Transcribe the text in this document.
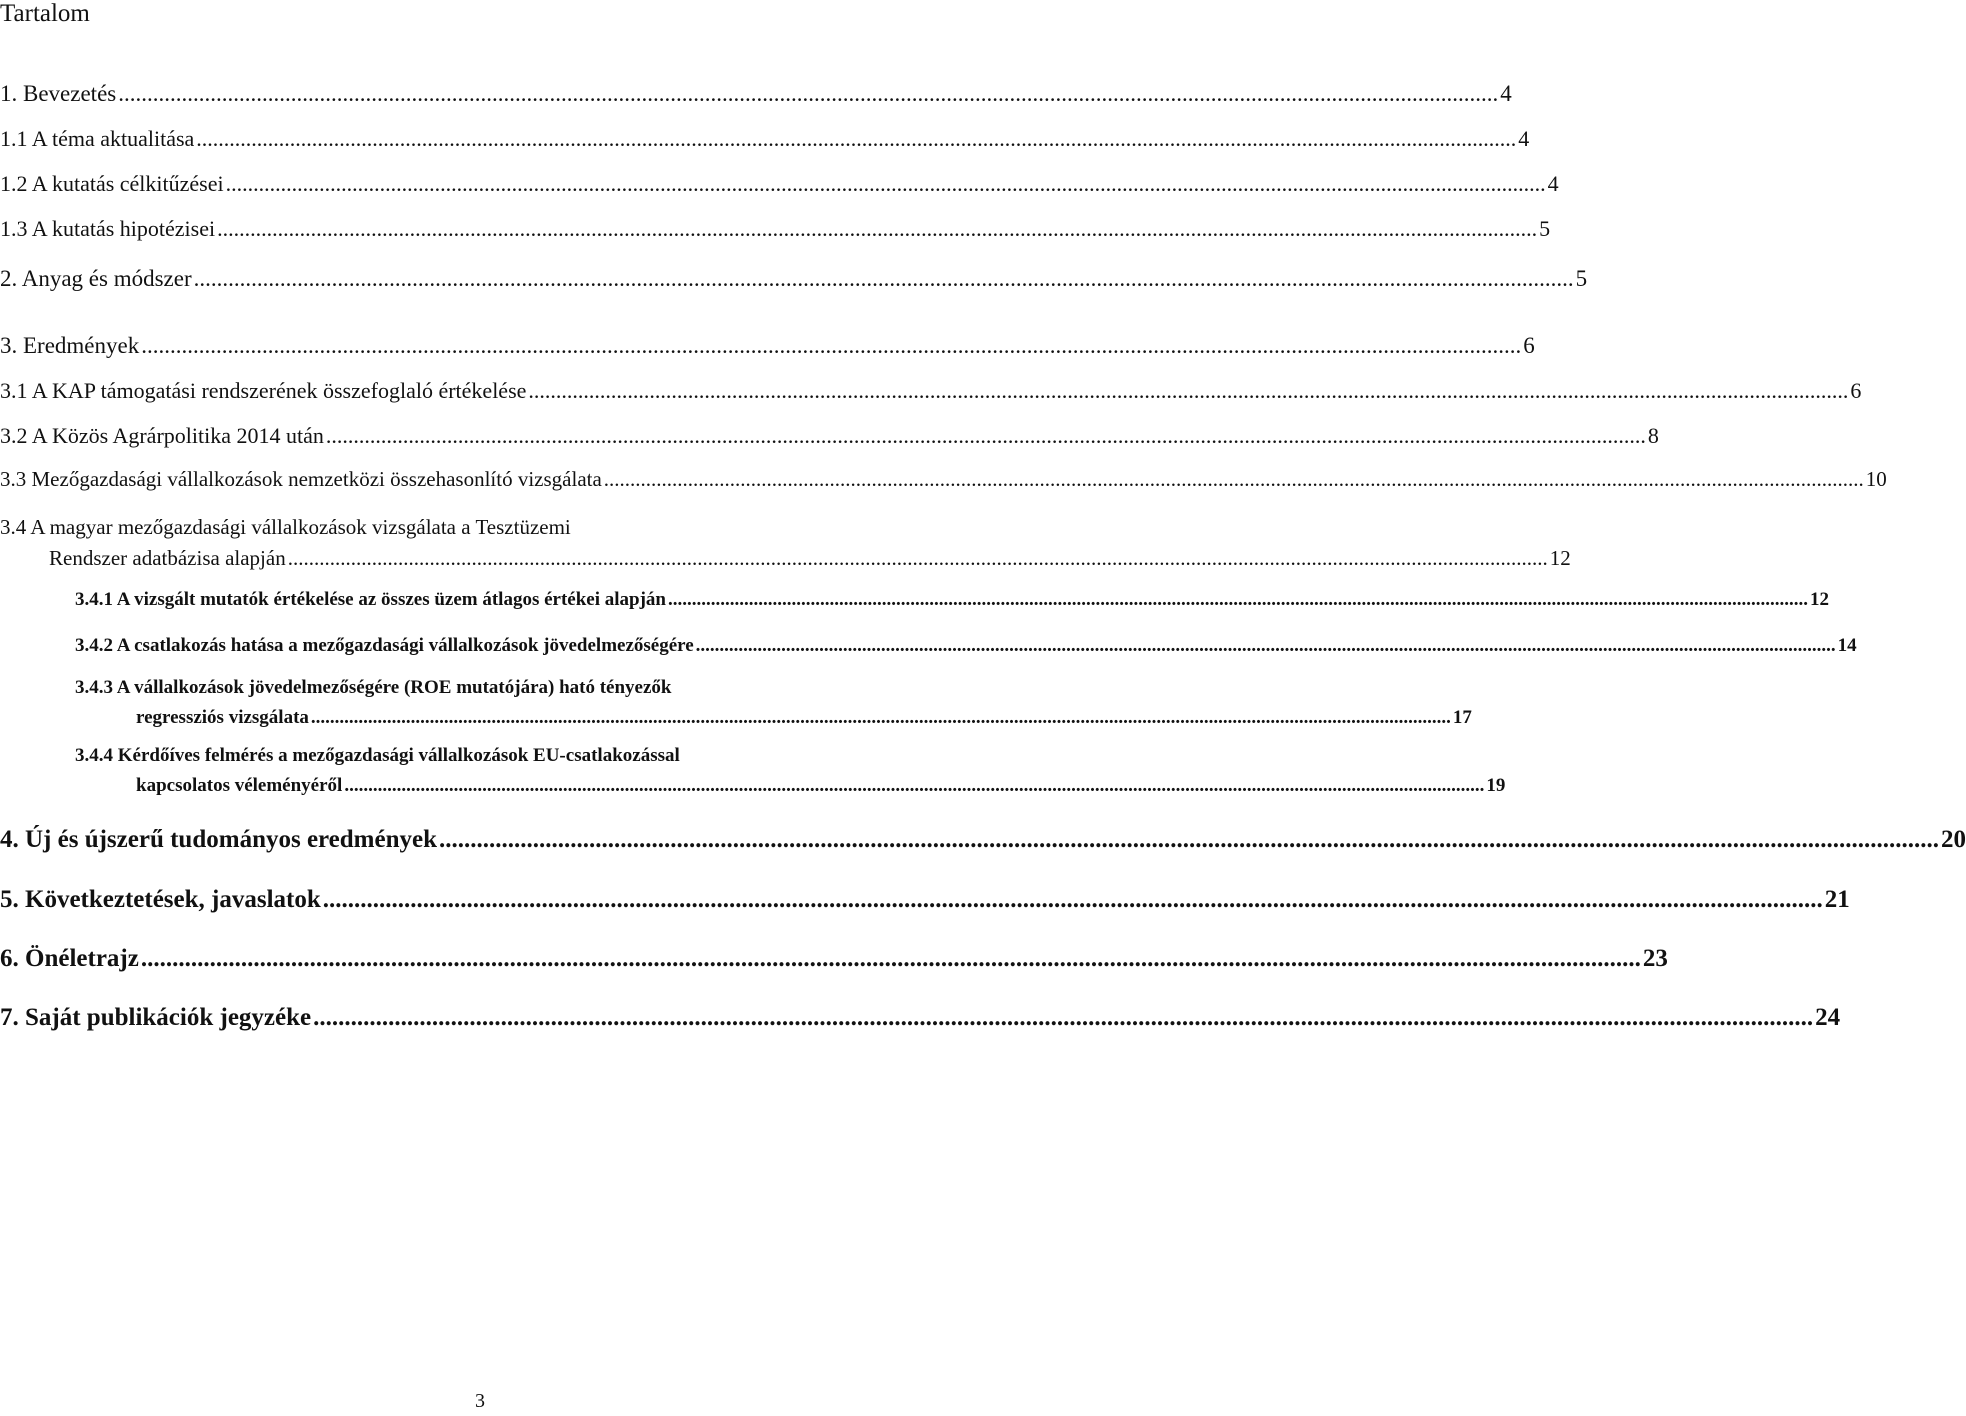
Tartalom
1. Bevezetés ................................................................................................................................................................................................................................................ 4
1.1 A téma aktualitása ................................................................................................................................................................................................................................................ 4
1.2 A kutatás célkitűzései ................................................................................................................................................................................................................................................ 4
1.3 A kutatás hipotézisei ................................................................................................................................................................................................................................................ 5
2. Anyag és módszer ................................................................................................................................................................................................................................................ 5
3. Eredmények ................................................................................................................................................................................................................................................ 6
3.1 A KAP támogatási rendszerének összefoglaló értékelése ................................................................................................................................................................................................................................................ 6
3.2 A Közös Agrárpolitika 2014 után ................................................................................................................................................................................................................................................ 8
3.3 Mezőgazdasági vállalkozások nemzetközi összehasonlító vizsgálata ................................................................................................................................................................................................................................................ 10
3.4 A magyar mezőgazdasági vállalkozások vizsgálata a Tesztüzemi
Rendszer adatbázisa alapján ................................................................................................................................................................................................................................................ 12
3.4.1 A vizsgált mutatók értékelése az összes üzem átlagos értékei alapján ................................................................................................................................................................................................................................................ 12
3.4.2 A csatlakozás hatása a mezőgazdasági vállalkozások jövedelmezőségére ................................................................................................................................................................................................................................................ 14
3.4.3 A vállalkozások jövedelmezőségére (ROE mutatójára) ható tényezők
regressziós vizsgálata ................................................................................................................................................................................................................................................ 17
3.4.4 Kérdőíves felmérés a mezőgazdasági vállalkozások EU-csatlakozással
kapcsolatos véleményéről ................................................................................................................................................................................................................................................ 19
4. Új és újszerű tudományos eredmények ................................................................................................................................................................................................................................................ 20
5. Következtetések, javaslatok ................................................................................................................................................................................................................................................ 21
6. Önéletrajz ................................................................................................................................................................................................................................................ 23
7. Saját publikációk jegyzéke ................................................................................................................................................................................................................................................ 24
3
